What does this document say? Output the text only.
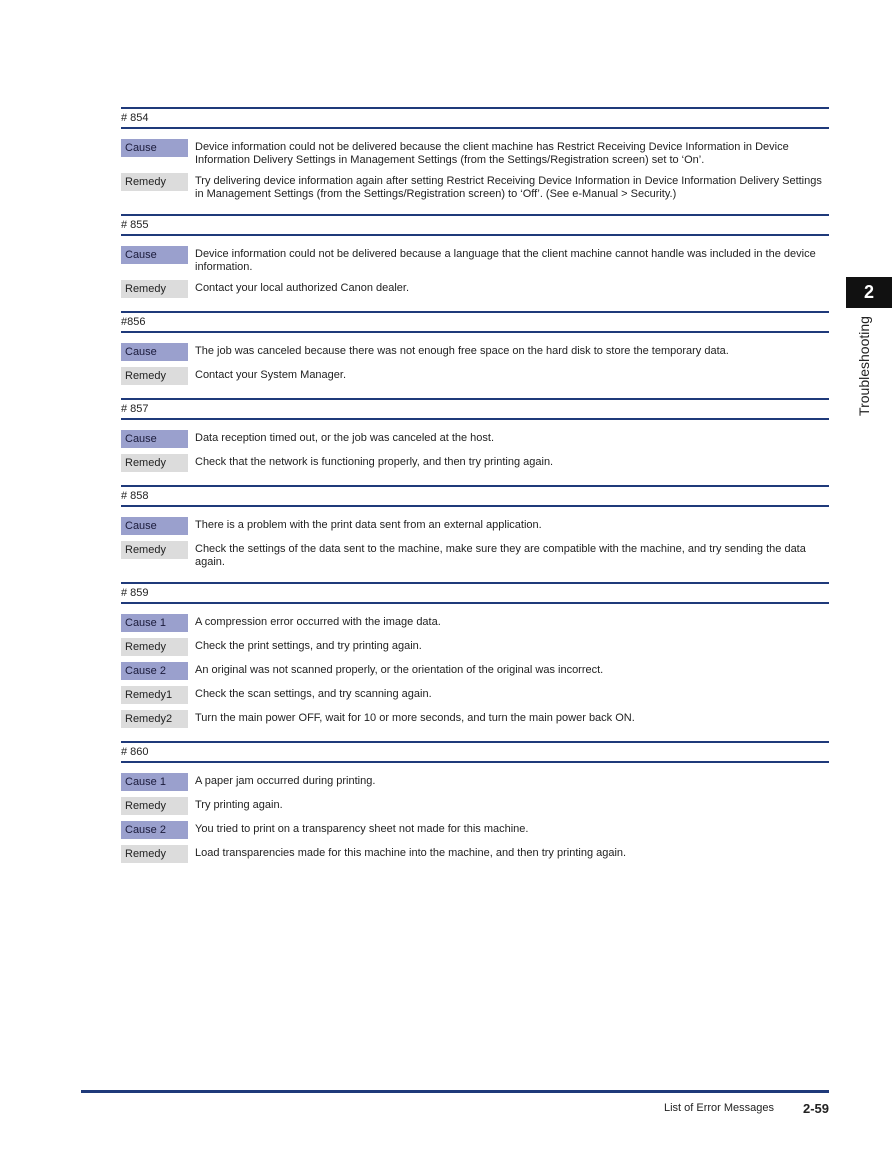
# 854
Cause	Device information could not be delivered because the client machine has Restrict Receiving Device Information in Device Information Delivery Settings in Management Settings (from the Settings/Registration screen) set to ‘On’.
Remedy	Try delivering device information again after setting Restrict Receiving Device Information in Device Information Delivery Settings in Management Settings (from the Settings/Registration screen) to ‘Off’. (See e-Manual > Security.)
# 855
Cause	Device information could not be delivered because a language that the client machine cannot handle was included in the device information.
Remedy	Contact your local authorized Canon dealer.
#856
Cause	The job was canceled because there was not enough free space on the hard disk to store the temporary data.
Remedy	Contact your System Manager.
# 857
Cause	Data reception timed out, or the job was canceled at the host.
Remedy	Check that the network is functioning properly, and then try printing again.
# 858
Cause	There is a problem with the print data sent from an external application.
Remedy	Check the settings of the data sent to the machine, make sure they are compatible with the machine, and try sending the data again.
# 859
Cause 1	A compression error occurred with the image data.
Remedy	Check the print settings, and try printing again.
Cause 2	An original was not scanned properly, or the orientation of the original was incorrect.
Remedy1	Check the scan settings, and try scanning again.
Remedy2	Turn the main power OFF, wait for 10 or more seconds, and turn the main power back ON.
# 860
Cause 1	A paper jam occurred during printing.
Remedy	Try printing again.
Cause 2	You tried to print on a transparency sheet not made for this machine.
Remedy	Load transparencies made for this machine into the machine, and then try printing again.
2
Troubleshooting
List of Error Messages 2-59
